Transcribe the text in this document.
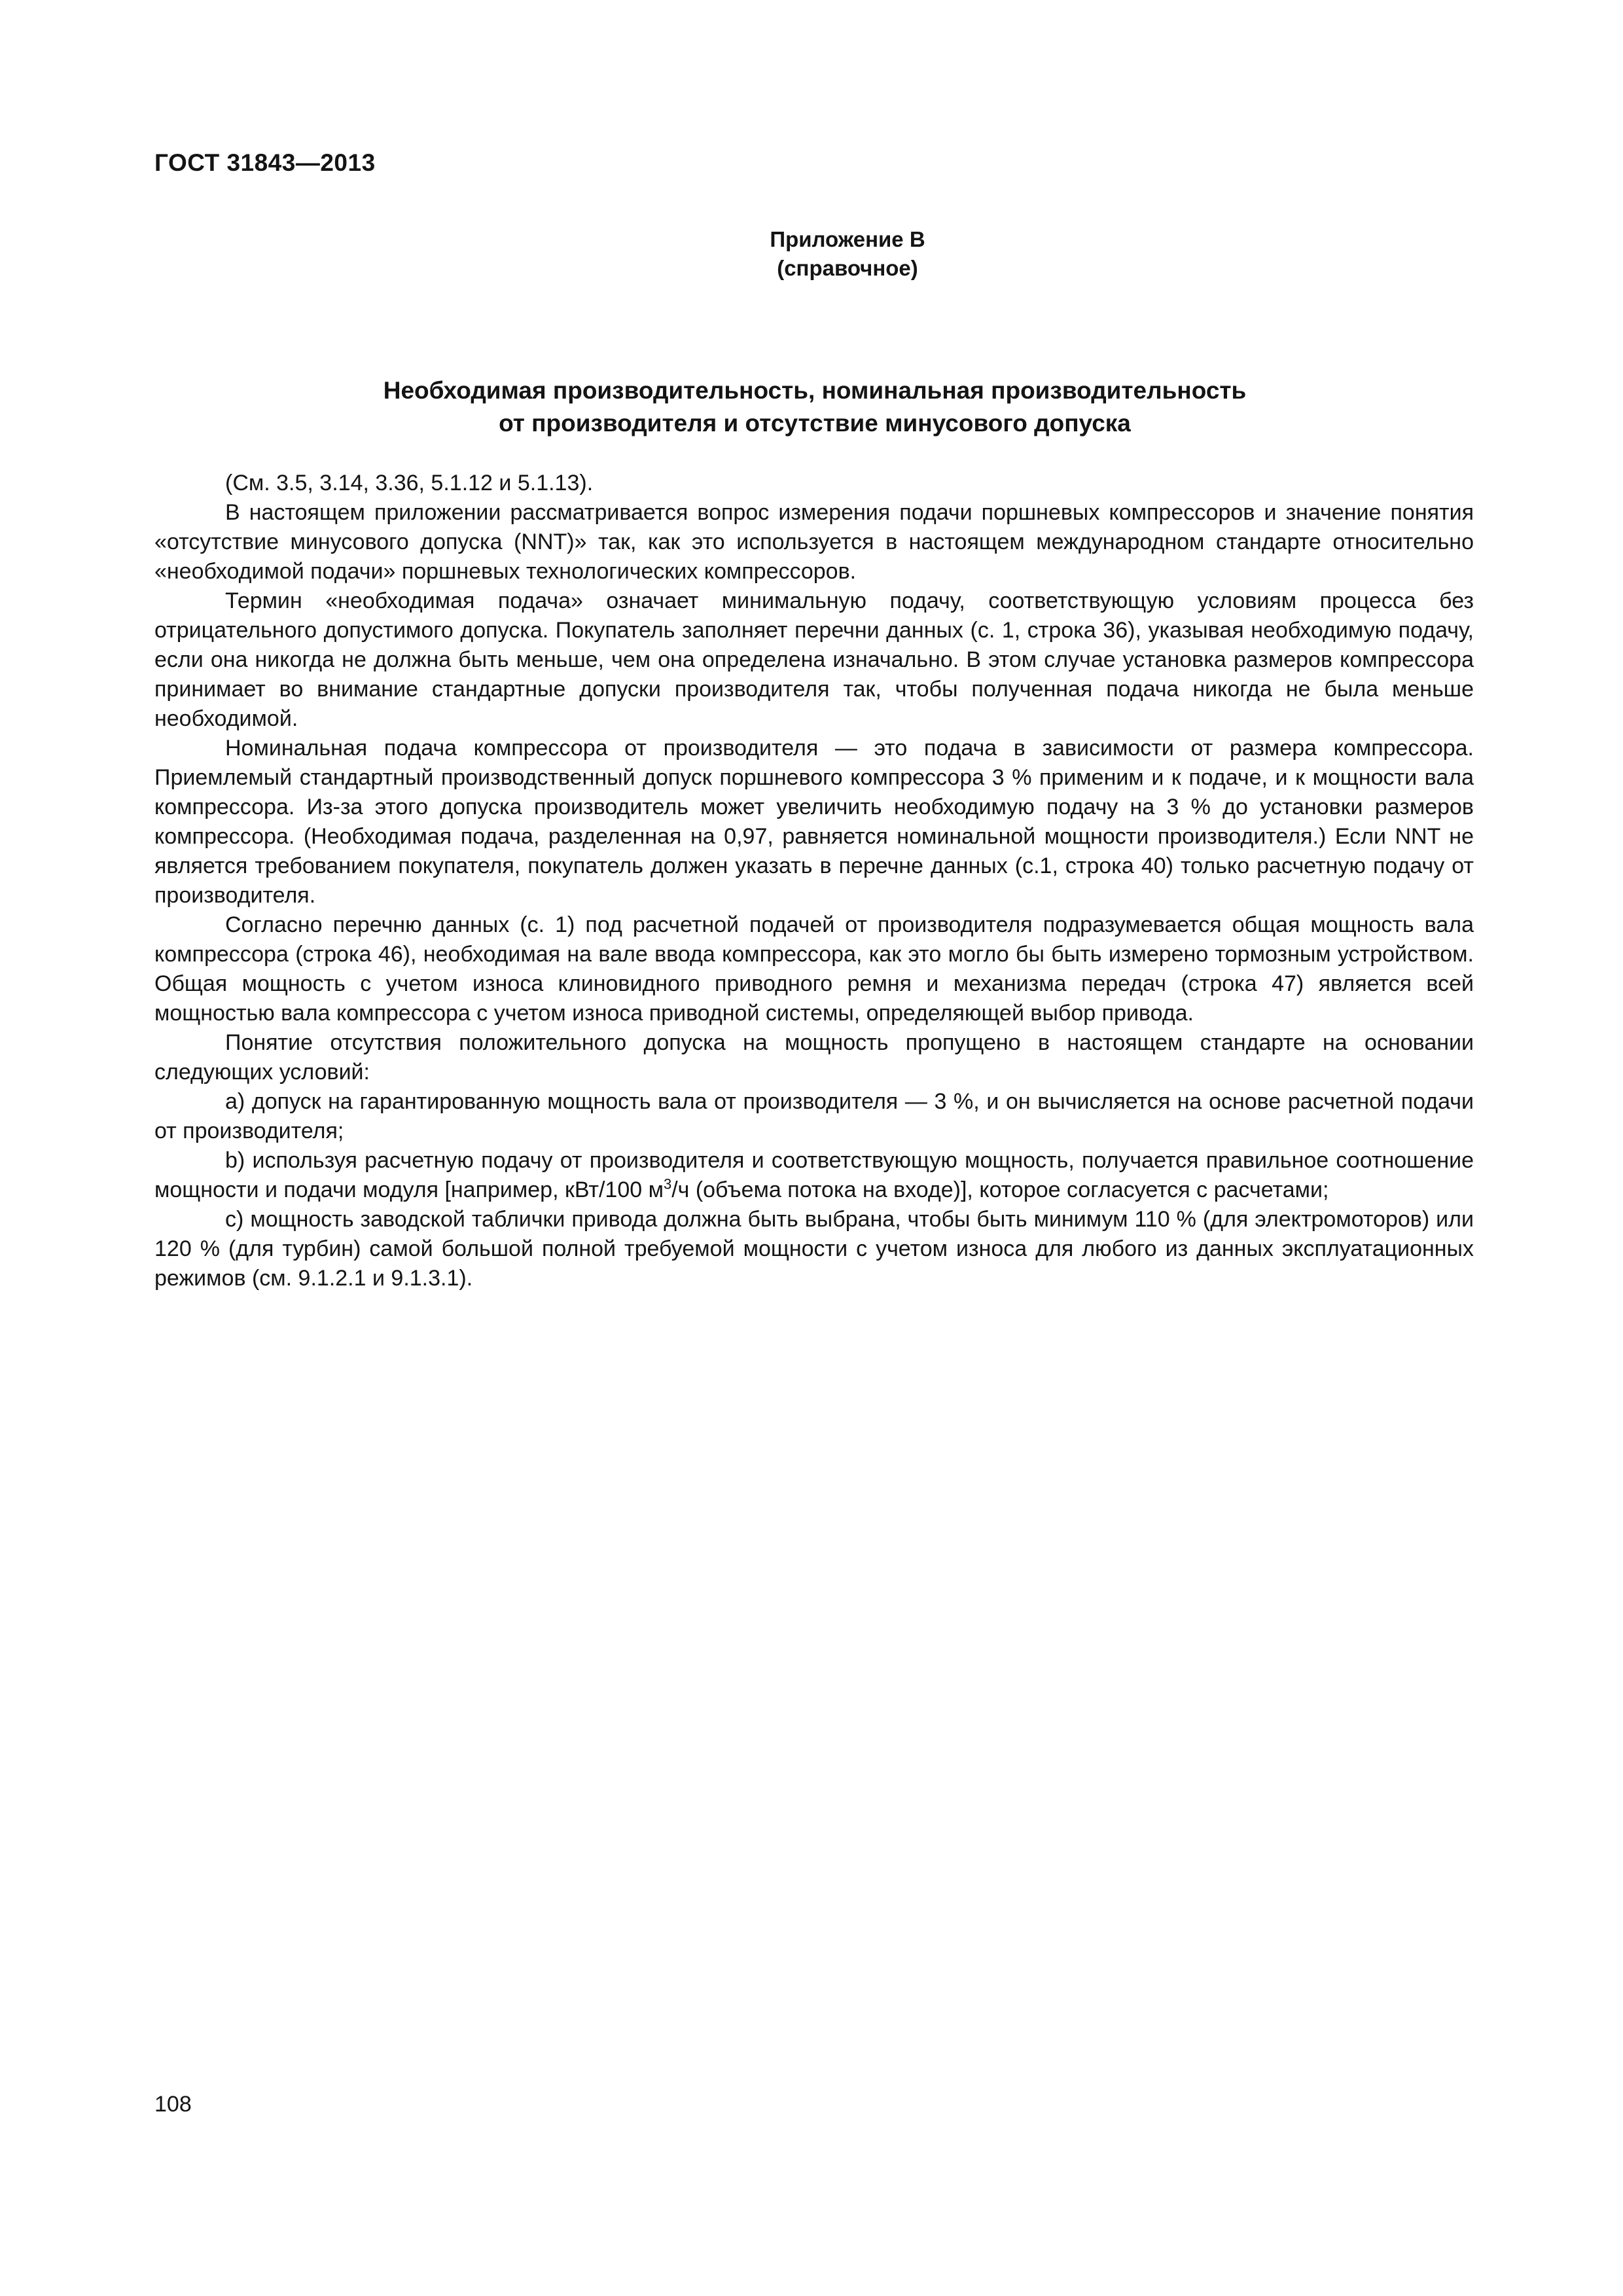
ГОСТ 31843—2013

Приложение В
(справочное)
Необходимая производительность, номинальная производительность
от производителя и отсутствие минусового допуска

(См. 3.5, 3.14, 3.36, 5.1.12 и 5.1.13).

В настоящем приложении рассматривается вопрос измерения подачи поршневых компрессоров и значение понятия «отсутствие минусового допуска (NNT)» так, как это используется в настоящем международном стандарте относительно «необходимой подачи» поршневых технологических компрессоров.

Термин «необходимая подача» означает минимальную подачу, соответствующую условиям процесса без отрицательного допустимого допуска. Покупатель заполняет перечни данных (с. 1, строка 36), указывая необходимую подачу, если она никогда не должна быть меньше, чем она определена изначально. В этом случае установка размеров компрессора принимает во внимание стандартные допуски производителя так, чтобы полученная подача никогда не была меньше необходимой.

Номинальная подача компрессора от производителя — это подача в зависимости от размера компрессора. Приемлемый стандартный производственный допуск поршневого компрессора 3 % применим и к подаче, и к мощности вала компрессора. Из-за этого допуска производитель может увеличить необходимую подачу на 3 % до установки размеров компрессора. (Необходимая подача, разделенная на 0,97, равняется номинальной мощности производителя.) Если NNT не является требованием покупателя, покупатель должен указать в перечне данных (с.1, строка 40) только расчетную подачу от производителя.

Согласно перечню данных (с. 1) под расчетной подачей от производителя подразумевается общая мощность вала компрессора (строка 46), необходимая на вале ввода компрессора, как это могло бы быть измерено тормозным устройством. Общая мощность с учетом износа клиновидного приводного ремня и механизма передач (строка 47) является всей мощностью вала компрессора с учетом износа приводной системы, определяющей выбор привода.

Понятие отсутствия положительного допуска на мощность пропущено в настоящем стандарте на основании следующих условий:

a) допуск на гарантированную мощность вала от производителя — 3 %, и он вычисляется на основе расчетной подачи от производителя;

b) используя расчетную подачу от производителя и соответствующую мощность, получается правильное соотношение мощности и подачи модуля [например, кВт/100 $м^3/ч$ (объема потока на входе)], которое согласуется с расчетами;

c) мощность заводской таблички привода должна быть выбрана, чтобы быть минимум 110 % (для электромоторов) или 120 % (для турбин) самой большой полной требуемой мощности с учетом износа для любого из данных эксплуатационных режимов (см. 9.1.2.1 и 9.1.3.1).

108
